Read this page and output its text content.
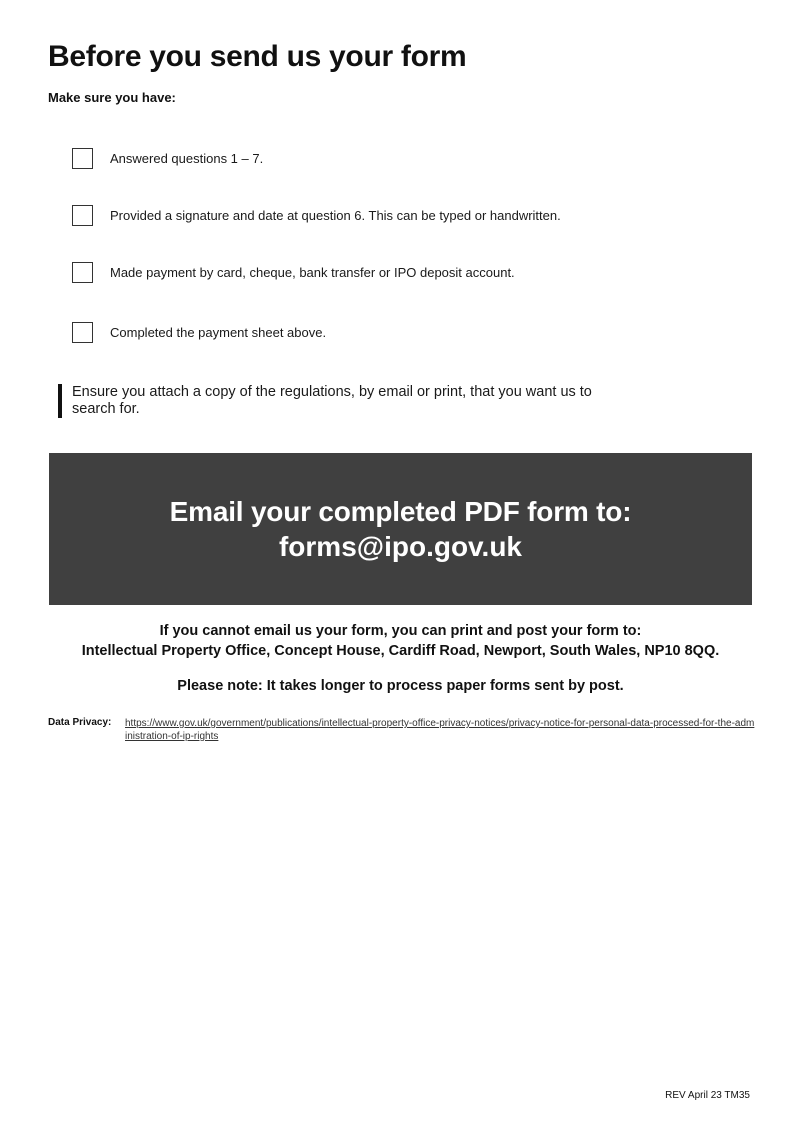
Before you send us your form
Make sure you have:
Answered questions 1 – 7.
Provided a signature and date at question 6. This can be typed or handwritten.
Made payment by card, cheque, bank transfer or IPO deposit account.
Completed the payment sheet above.
Ensure you attach a copy of the regulations, by email or print, that you want us to search for.
Email your completed PDF form to:
forms@ipo.gov.uk
If you cannot email us your form, you can print and post your form to:
Intellectual Property Office, Concept House, Cardiff Road, Newport, South Wales, NP10 8QQ.
Please note: It takes longer to process paper forms sent by post.
Data Privacy: https://www.gov.uk/government/publications/intellectual-property-office-privacy-notices/privacy-notice-for-personal-data-processed-for-the-administration-of-ip-rights
REV April 23 TM35
